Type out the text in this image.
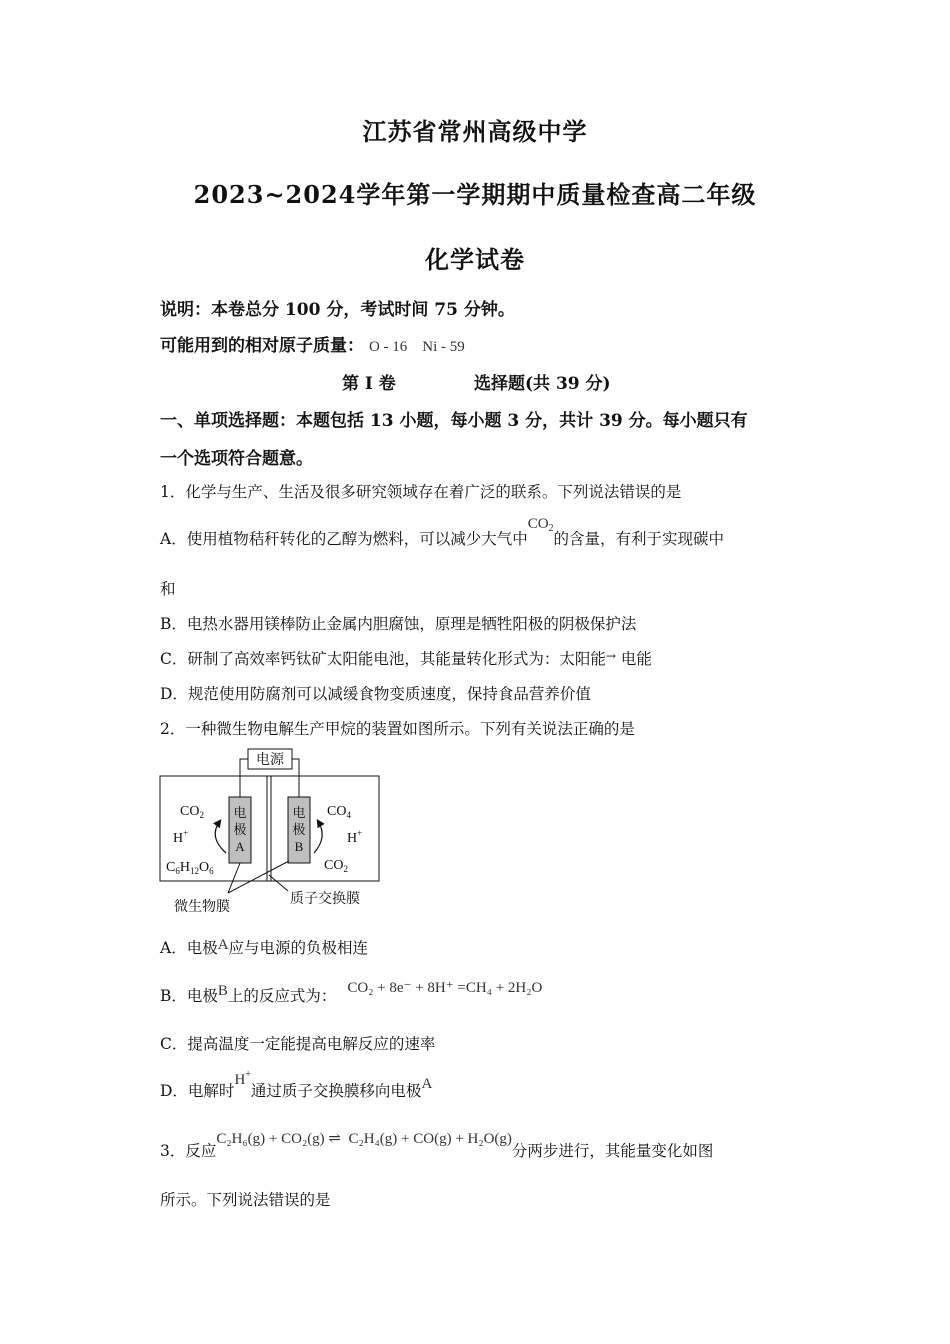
江苏省常州高级中学
2023~2024学年第一学期期中质量检查高二年级
化学试卷
说明：本卷总分 100 分，考试时间 75 分钟。
可能用到的相对原子质量： O - 16    Ni - 59
第 I 卷	选择题(共 39 分)
一、单项选择题：本题包括 13 小题，每小题 3 分，共计 39 分。每小题只有
一个选项符合题意。
1．化学与生产、生活及很多研究领域存在着广泛的联系。下列说法错误的是
A．使用植物秸秆转化的乙醇为燃料，可以减少大气中$CO_2$的含量，有利于实现碳中
和
B．电热水器用镁棒防止金属内胆腐蚀，原理是牺牲阳极的阴极保护法
C．研制了高效率钙钛矿太阳能电池，其能量转化形式为：太阳能→ 电能
D．规范使用防腐剂可以减缓食物变质速度，保持食品营养价值
2．一种微生物电解生产甲烷的装置如图所示。下列有关说法正确的是
电源
电
极
A
电
极
B
$CO_2$
H+
$C_6H_{12}O_6$
$CO_4$
H+
$CO_2$
微生物膜
质子交换膜
A．电极A应与电源的负极相连
B．电极B上的反应式为： CO₂ + 8e⁻ + 8H⁺ =CH₄ + 2H₂O
C．提高温度一定能提高电解反应的速率
D．电解时H+通过质子交换膜移向电极A
3．反应C₂H₆(g) + CO₂(g) ⇌  C₂H₄(g) + CO(g) + H₂O(g)分两步进行，其能量变化如图
所示。下列说法错误的是
